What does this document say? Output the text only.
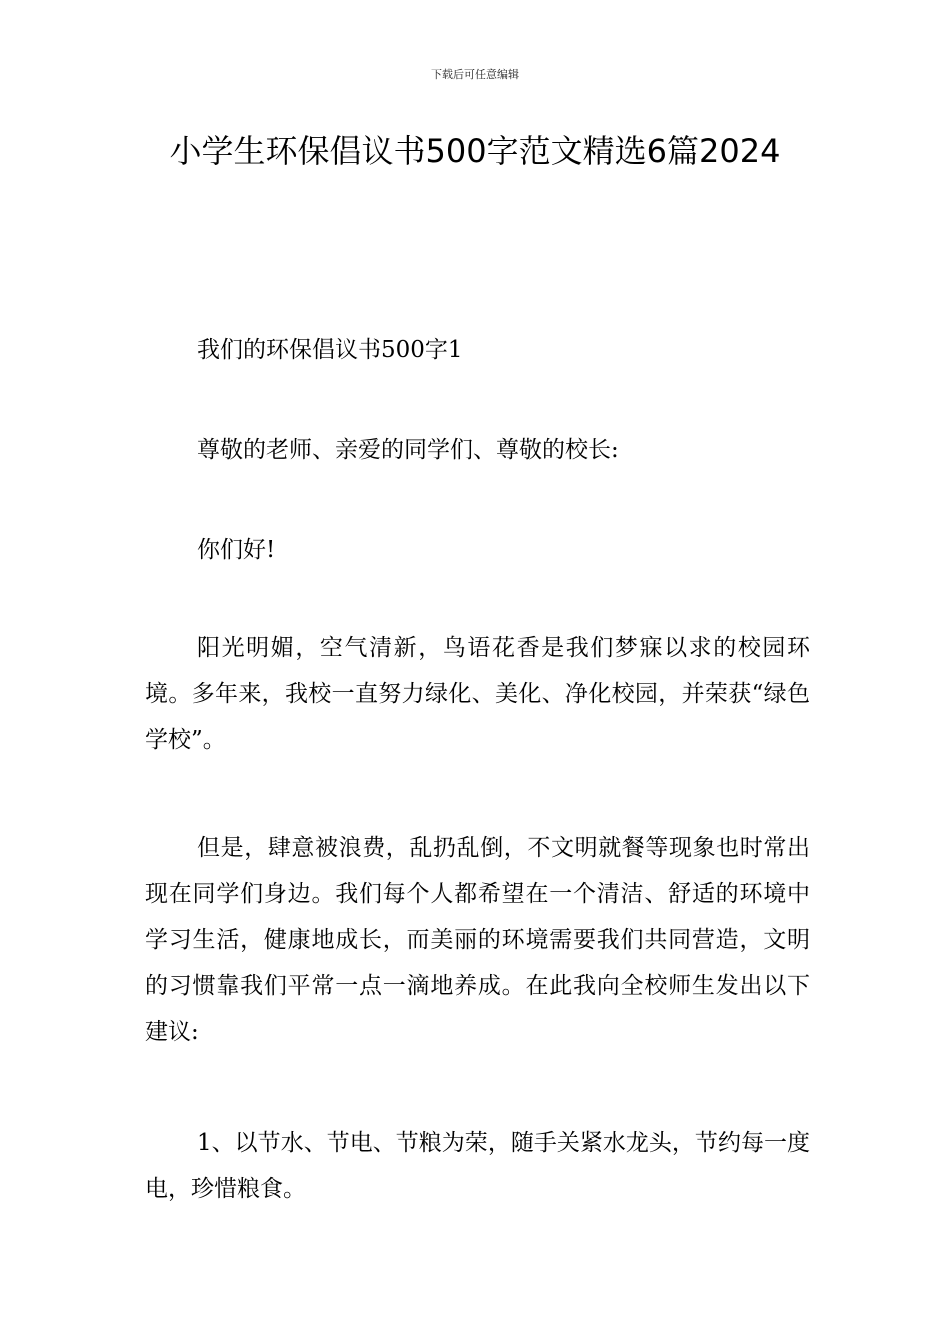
下载后可任意编辑
小学生环保倡议书500字范文精选6篇2024

我们的环保倡议书500字1

尊敬的老师、亲爱的同学们、尊敬的校长:

你们好!

阳光明媚，空气清新，鸟语花香是我们梦寐以求的校园环境。多年来，我校一直努力绿化、美化、净化校园，并荣获“绿色学校”。

但是，肆意被浪费，乱扔乱倒，不文明就餐等现象也时常出现在同学们身边。我们每个人都希望在一个清洁、舒适的环境中学习生活，健康地成长，而美丽的环境需要我们共同营造，文明的习惯靠我们平常一点一滴地养成。在此我向全校师生发出以下建议:

1、以节水、节电、节粮为荣，随手关紧水龙头，节约每一度电，珍惜粮食。
